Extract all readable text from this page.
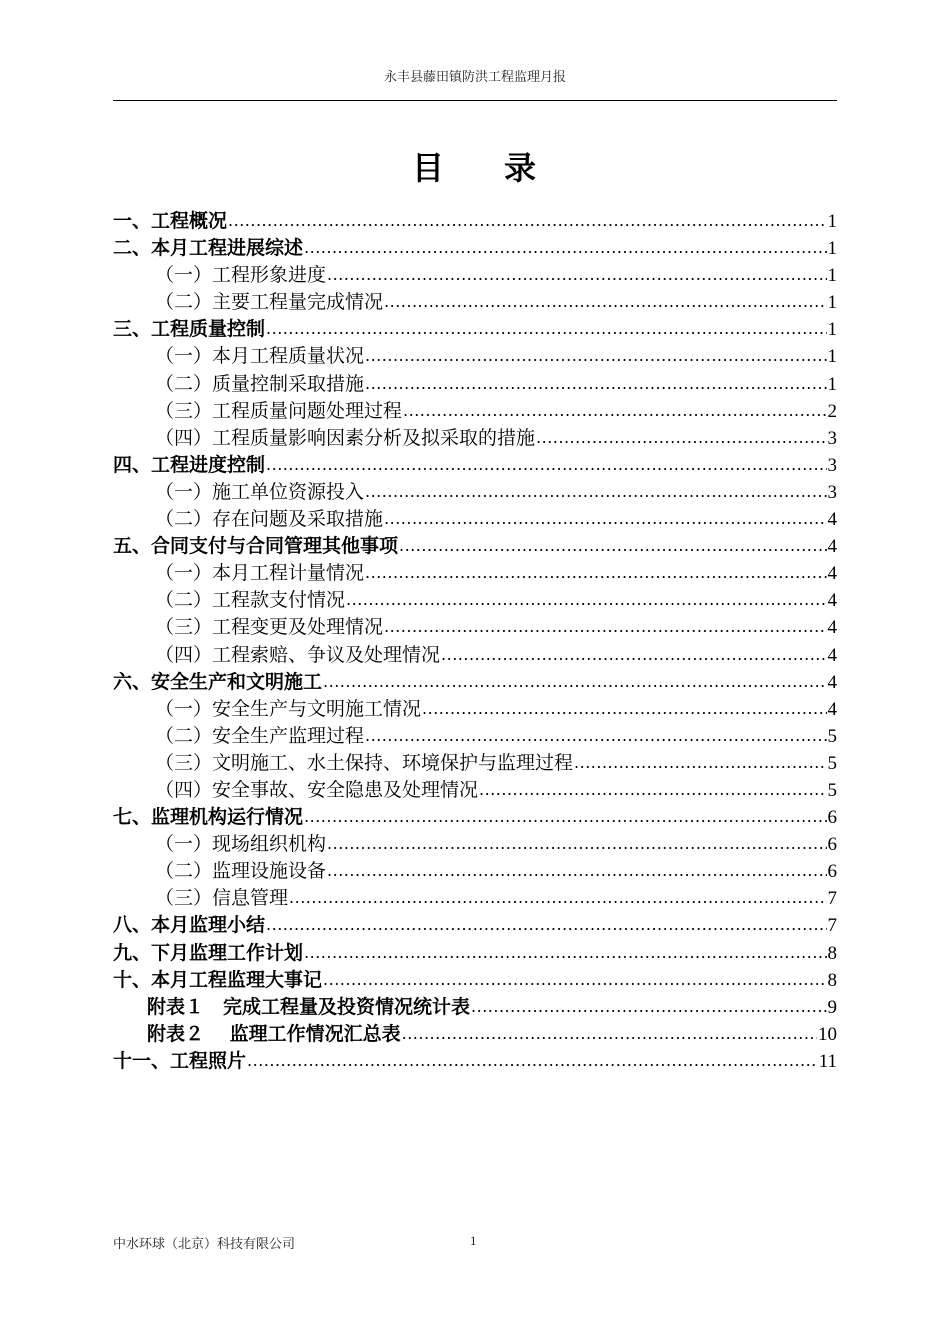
永丰县藤田镇防洪工程监理月报
目 录
一、工程概况 .....	1
二、本月工程进展综述 .....	1
（一）工程形象进度 .....	1
（二）主要工程量完成情况 .....	1
三、工程质量控制 .....	1
（一）本月工程质量状况 .....	1
（二）质量控制采取措施 .....	1
（三）工程质量问题处理过程 .....	2
（四）工程质量影响因素分析及拟采取的措施 .....	3
四、工程进度控制 .....	3
（一）施工单位资源投入 .....	3
（二）存在问题及采取措施 .....	4
五、合同支付与合同管理其他事项 .....	4
（一）本月工程计量情况 .....	4
（二）工程款支付情况 .....	4
（三）工程变更及处理情况 .....	4
（四）工程索赔、争议及处理情况 .....	4
六、安全生产和文明施工 .....	4
（一）安全生产与文明施工情况 .....	4
（二）安全生产监理过程 .....	5
（三）文明施工、水土保持、环境保护与监理过程 .....	5
（四）安全事故、安全隐患及处理情况 .....	5
七、监理机构运行情况 .....	6
（一）现场组织机构 .....	6
（二）监理设施设备 .....	6
（三）信息管理 .....	7
八、本月监理小结 .....	7
九、下月监理工作计划 .....	8
十、本月工程监理大事记 .....	8
附表１　完成工程量及投资情况统计表 .....	9
附表２　 监理工作情况汇总表 .....	10
十一、工程照片 .....	11
中水环球（北京）科技有限公司	1
